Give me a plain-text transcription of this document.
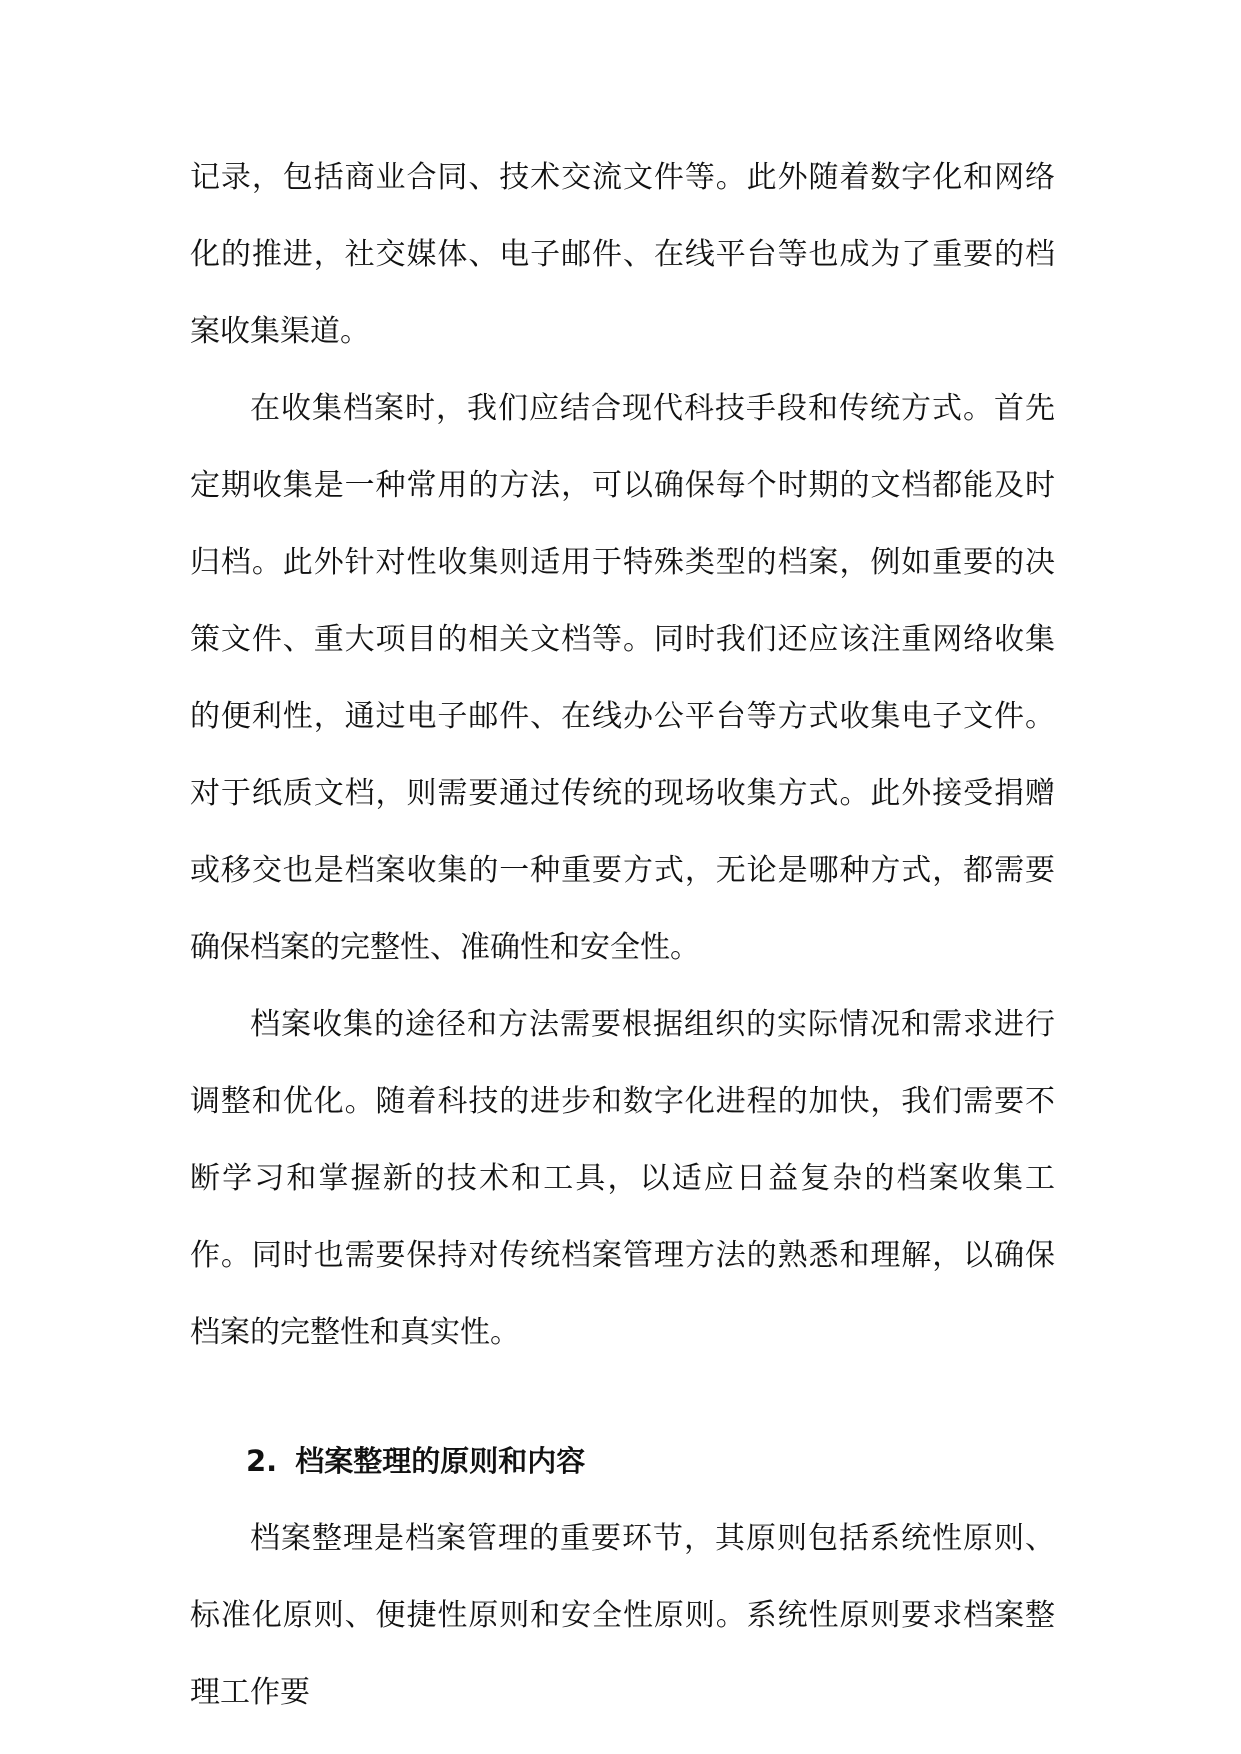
记录，包括商业合同、技术交流文件等。此外随着数字化和网络化的推进，社交媒体、电子邮件、在线平台等也成为了重要的档案收集渠道。

在收集档案时，我们应结合现代科技手段和传统方式。首先定期收集是一种常用的方法，可以确保每个时期的文档都能及时归档。此外针对性收集则适用于特殊类型的档案，例如重要的决策文件、重大项目的相关文档等。同时我们还应该注重网络收集的便利性，通过电子邮件、在线办公平台等方式收集电子文件。对于纸质文档，则需要通过传统的现场收集方式。此外接受捐赠或移交也是档案收集的一种重要方式，无论是哪种方式，都需要确保档案的完整性、准确性和安全性。

档案收集的途径和方法需要根据组织的实际情况和需求进行调整和优化。随着科技的进步和数字化进程的加快，我们需要不断学习和掌握新的技术和工具，以适应日益复杂的档案收集工作。同时也需要保持对传统档案管理方法的熟悉和理解，以确保档案的完整性和真实性。

2. 档案整理的原则和内容

档案整理是档案管理的重要环节，其原则包括系统性原则、标准化原则、便捷性原则和安全性原则。系统性原则要求档案整理工作要
